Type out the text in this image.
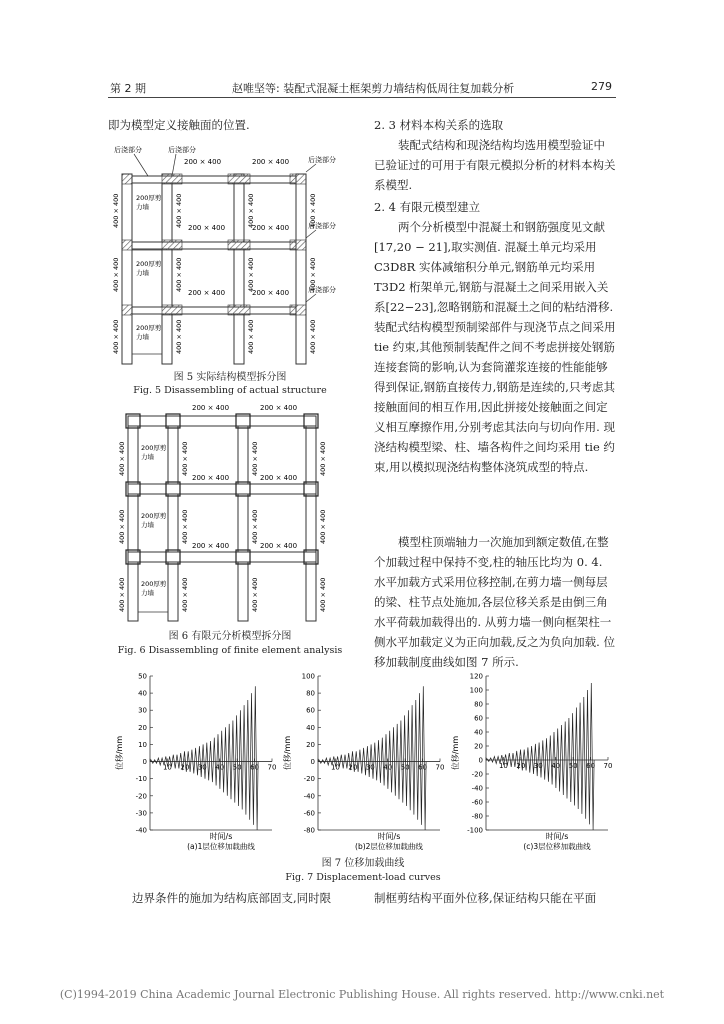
第 2 期	赵唯坚等: 装配式混凝土框架剪力墙结构低周往复加载分析	279

即为模型定义接触面的位置.

后浇部分	后浇部分
后浇部分
后浇部分
后浇部分
200 × 400	200 × 400
200 × 400	200 × 400
200 × 400	200 × 400
200厚剪
力墙
200厚剪
力墙
200厚剪
力墙
400 × 400
400 × 400
400 × 400
400 × 400
400 × 400
400 × 400
400 × 400
400 × 400
400 × 400
400 × 400
400 × 400
400 × 400
图 5 实际结构模型拆分图
Fig. 5 Disassembling of actual structure
200 × 400	200 × 400
200 × 400	200 × 400
200 × 400	200 × 400
200厚剪
力墙
200厚剪
力墙
200厚剪
力墙
400 × 400
400 × 400
400 × 400
400 × 400
400 × 400
400 × 400
400 × 400
400 × 400
400 × 400
400 × 400
400 × 400
400 × 400
图 6 有限元分析模型拆分图
Fig. 6 Disassembling of finite element analysis

2. 3 材料本构关系的选取

装配式结构和现浇结构均选用模型验证中已验证过的可用于有限元模拟分析的材料本构关系模型.

2. 4 有限元模型建立

两个分析模型中混凝土和钢筋强度见文献[17,20 − 21],取实测值. 混凝土单元均采用 C3D8R 实体减缩积分单元,钢筋单元均采用 T3D2 桁架单元,钢筋与混凝土之间采用嵌入关系[22−23],忽略钢筋和混凝土之间的粘结滑移. 装配式结构模型预制梁部件与现浇节点之间采用 tie 约束,其他预制装配件之间不考虑拼接处钢筋连接套筒的影响,认为套筒灌浆连接的性能能够得到保证,钢筋直接传力,钢筋是连续的,只考虑其接触面间的相互作用,因此拼接处接触面之间定义相互摩擦作用,分别考虑其法向与切向作用. 现浇结构模型梁、柱、墙各构件之间均采用 tie 约束,用以模拟现浇结构整体浇筑成型的特点.

模型柱顶端轴力一次施加到额定数值,在整个加载过程中保持不变,柱的轴压比均为 0. 4. 水平加载方式采用位移控制,在剪力墙一侧每层的梁、柱节点处施加,各层位移关系是由倒三角水平荷载加载得出的. 从剪力墙一侧向框架柱一侧水平加载定义为正向加载,反之为负向加载. 位移加载制度曲线如图 7 所示.

-40
-30
-20
-10
0
10
20
30
40
50
10 20 30 40 50 60 70
位移/mm
时间/s
(a)1层位移加载曲线
-80
-60
-40
-20
0
20
40
60
80
100
10 20 30 40 50 60 70
位移/mm
时间/s
(b)2层位移加载曲线
-100
-80
-60
-40
-20
0
20
40
60
80
100
120
10 20 30 40 50 60 70
位移/mm
时间/s
(c)3层位移加载曲线
图 7 位移加载曲线
Fig. 7 Displacement-load curves

边界条件的施加为结构底部固支,同时限	制框剪结构平面外位移,保证结构只能在平面

(C)1994-2019 China Academic Journal Electronic Publishing House. All rights reserved. http://www.cnki.net
